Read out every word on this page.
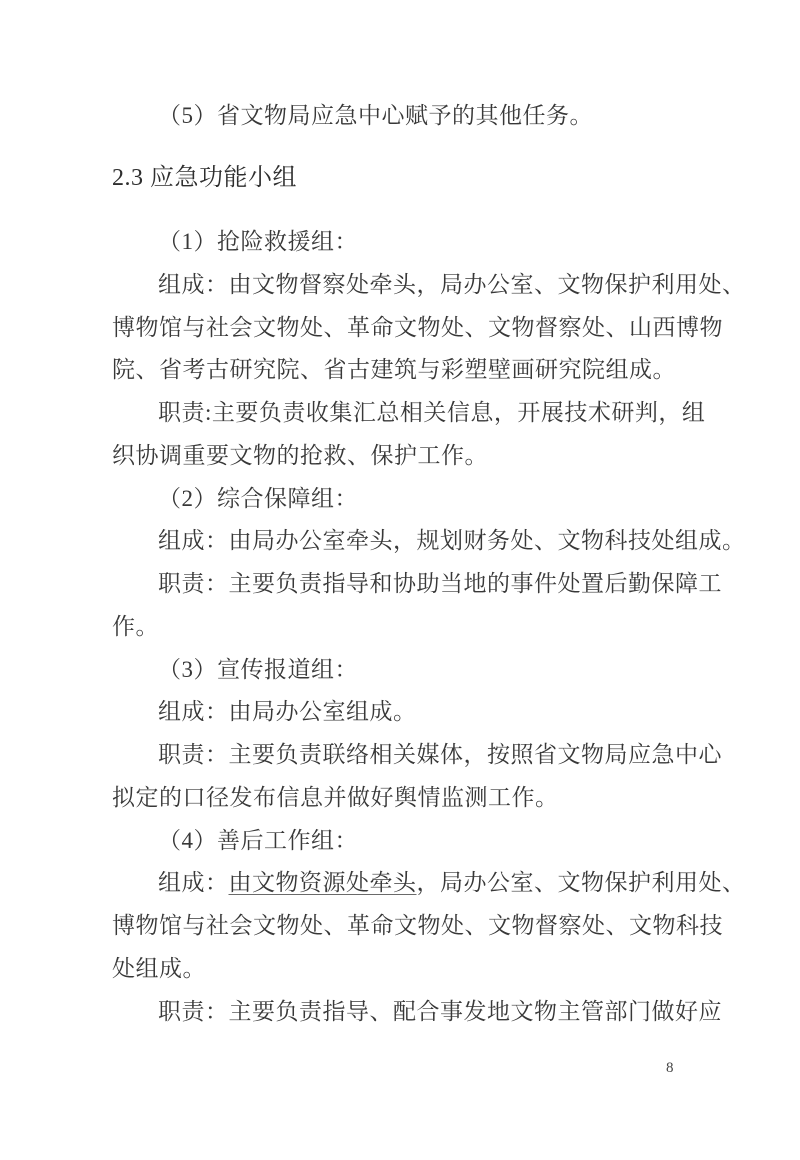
（5）省文物局应急中心赋予的其他任务。
2.3 应急功能小组
（1）抢险救援组：
组成：由文物督察处牵头，局办公室、文物保护利用处、
博物馆与社会文物处、革命文物处、文物督察处、山西博物
院、省考古研究院、省古建筑与彩塑壁画研究院组成。
职责:主要负责收集汇总相关信息，开展技术研判，组
织协调重要文物的抢救、保护工作。
（2）综合保障组：
组成：由局办公室牵头，规划财务处、文物科技处组成。
职责：主要负责指导和协助当地的事件处置后勤保障工
作。
（3）宣传报道组：
组成：由局办公室组成。
职责：主要负责联络相关媒体，按照省文物局应急中心
拟定的口径发布信息并做好舆情监测工作。
（4）善后工作组：
组成：由文物资源处牵头，局办公室、文物保护利用处、
博物馆与社会文物处、革命文物处、文物督察处、文物科技
处组成。
职责：主要负责指导、配合事发地文物主管部门做好应
8
